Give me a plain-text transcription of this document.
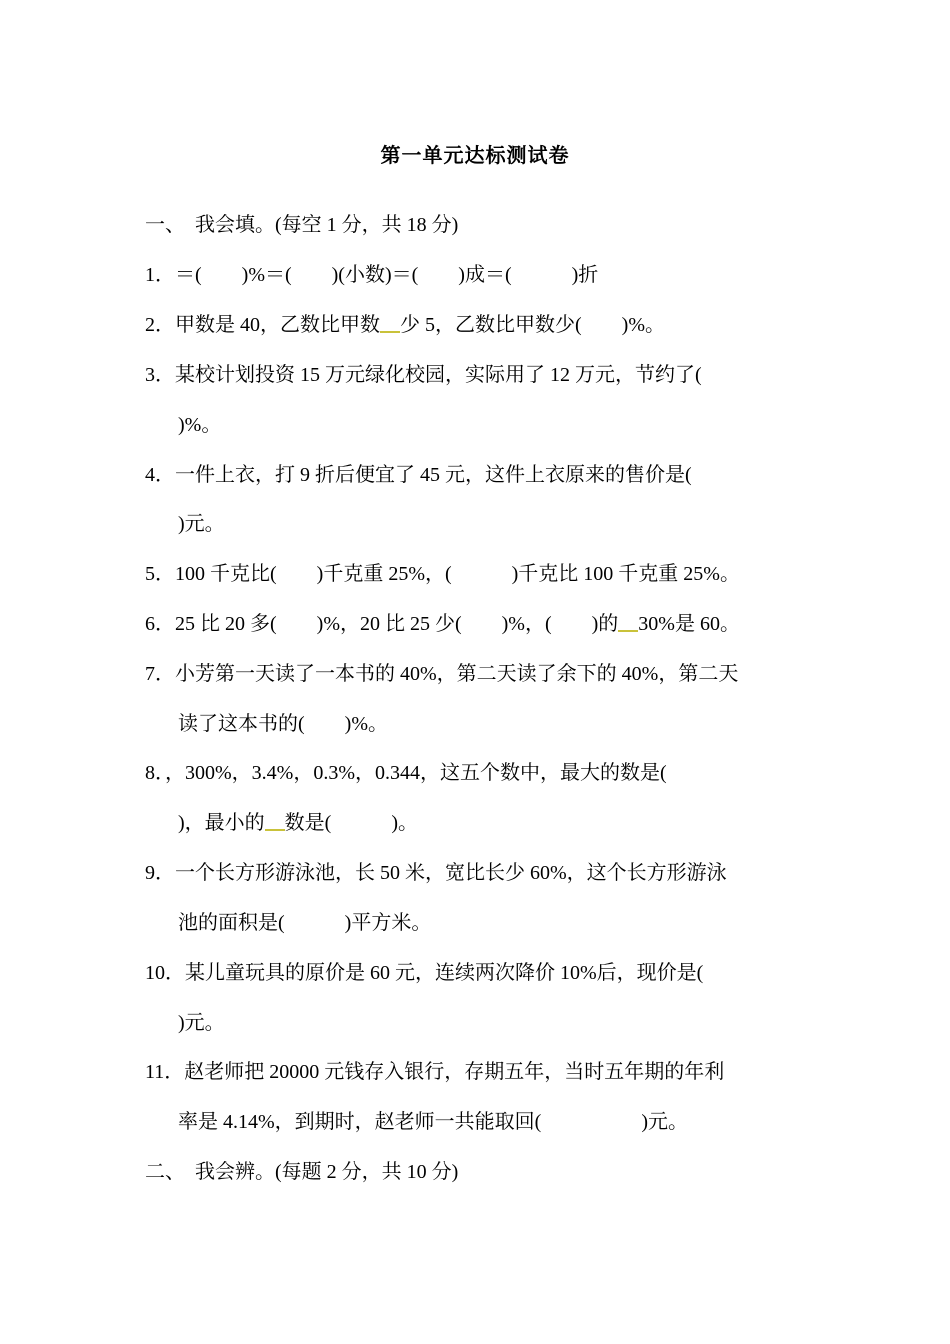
第一单元达标测试卷
一、  我会填。(每空 1 分，共 18 分)
1．＝(        )%＝(        )(小数)＝(        )成＝(            )折
2．甲数是 40，乙数比甲数 少 5，乙数比甲数少(        )%。
3．某校计划投资 15 万元绿化校园，实际用了 12 万元，节约了(
)%。
4．一件上衣，打 9 折后便宜了 45 元，这件上衣原来的售价是(
)元。
5．100 千克比(        )千克重 25%，(            )千克比 100 千克重 25%。
6．25 比 20 多(        )%，20 比 25 少(        )%，(        )的 30%是 60。
7．小芳第一天读了一本书的 40%，第二天读了余下的 40%，第二天
读了这本书的(        )%。
8．，300%，3.4%，0.3%，0.344，这五个数中，最大的数是(
)，最小的 数是(            )。
9．一个长方形游泳池，长 50 米，宽比长少 60%，这个长方形游泳
池的面积是(            )平方米。
10．某儿童玩具的原价是 60 元，连续两次降价 10%后，现价是(
)元。
11．赵老师把 20000 元钱存入银行，存期五年，当时五年期的年利
率是 4.14%，到期时，赵老师一共能取回(                    )元。
二、  我会辨。(每题 2 分，共 10 分)
